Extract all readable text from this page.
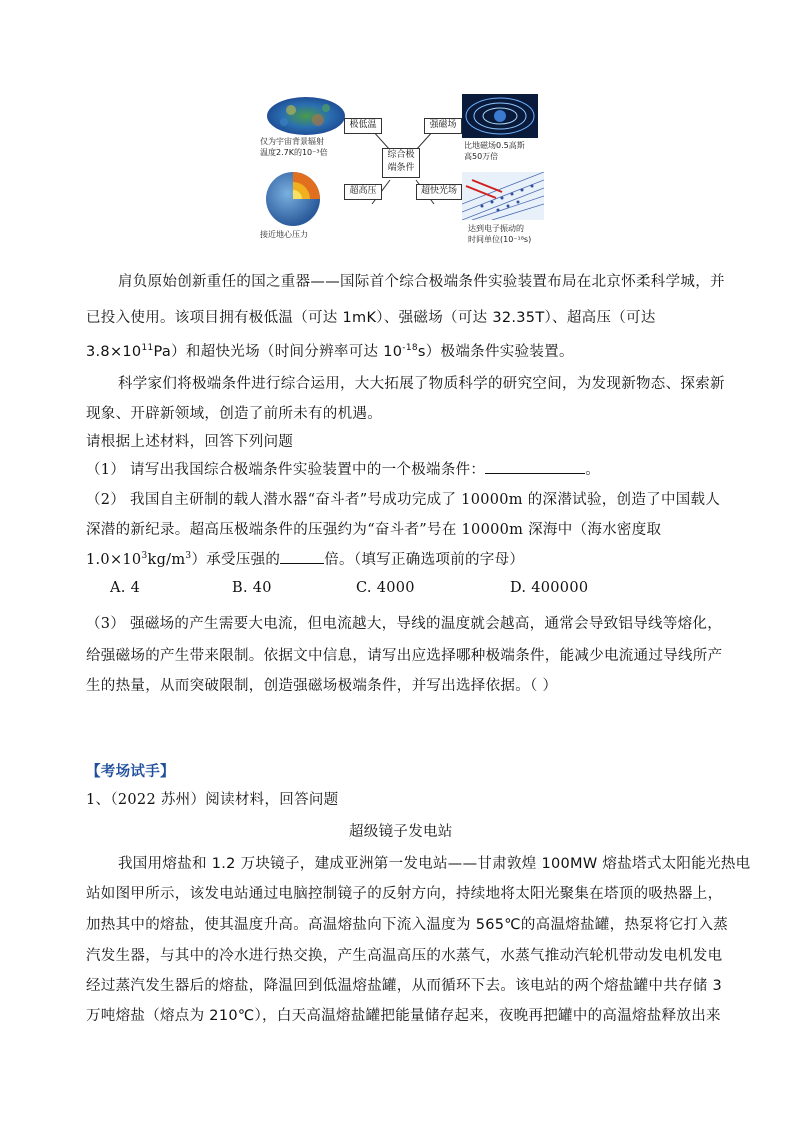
仅为宇宙背景辐射
温度2.7K的10⁻³倍
接近地心压力
极低温	强磁场
综合极
端条件
超高压	超快光场
比地磁场0.5高斯
高50万倍
达到电子振动的
时间单位(10⁻¹⁸s)
肩负原始创新重任的国之重器——国际首个综合极端条件实验装置布局在北京怀柔科学城，并
已投入使用。该项目拥有极低温（可达 1mK）、强磁场（可达 32.35T）、超高压（可达
$3.8\times 10^{11}Pa$）和超快光场（时间分辨率可达 $10^{-18}s$）极端条件实验装置。
科学家们将极端条件进行综合运用，大大拓展了物质科学的研究空间，为发现新物态、探索新
现象、开辟新领域，创造了前所未有的机遇。
请根据上述材料，回答下列问题
（1） 请写出我国综合极端条件实验装置中的一个极端条件：	。
（2） 我国自主研制的载人潜水器“奋斗者”号成功完成了 10000m 的深潜试验，创造了中国载人
深潜的新纪录。超高压极端条件的压强约为“奋斗者”号在 10000m 深海中（海水密度取
$1.0\times 10^3kg/m^3$）承受压强的	倍。（填写正确选项前的字母）
A. 4	B. 40	C. 4000	D. 400000
（3） 强磁场的产生需要大电流，但电流越大，导线的温度就会越高，通常会导致铝导线等熔化，
给强磁场的产生带来限制。依据文中信息，请写出应选择哪种极端条件，能减少电流通过导线所产
生的热量，从而突破限制，创造强磁场极端条件，并写出选择依据。（ ）
【考场试手】
1、（2022 苏州）阅读材料，回答问题
超级镜子发电站
我国用熔盐和 1.2 万块镜子，建成亚洲第一发电站——甘肃敦煌 100MW 熔盐塔式太阳能光热电
站如图甲所示，该发电站通过电脑控制镜子的反射方向，持续地将太阳光聚集在塔顶的吸热器上，
加热其中的熔盐，使其温度升高。高温熔盐向下流入温度为 565℃的高温熔盐罐，热泵将它打入蒸
汽发生器，与其中的冷水进行热交换，产生高温高压的水蒸气，水蒸气推动汽轮机带动发电机发电
经过蒸汽发生器后的熔盐，降温回到低温熔盐罐，从而循环下去。该电站的两个熔盐罐中共存储 3
万吨熔盐（熔点为 210℃），白天高温熔盐罐把能量储存起来，夜晚再把罐中的高温熔盐释放出来
